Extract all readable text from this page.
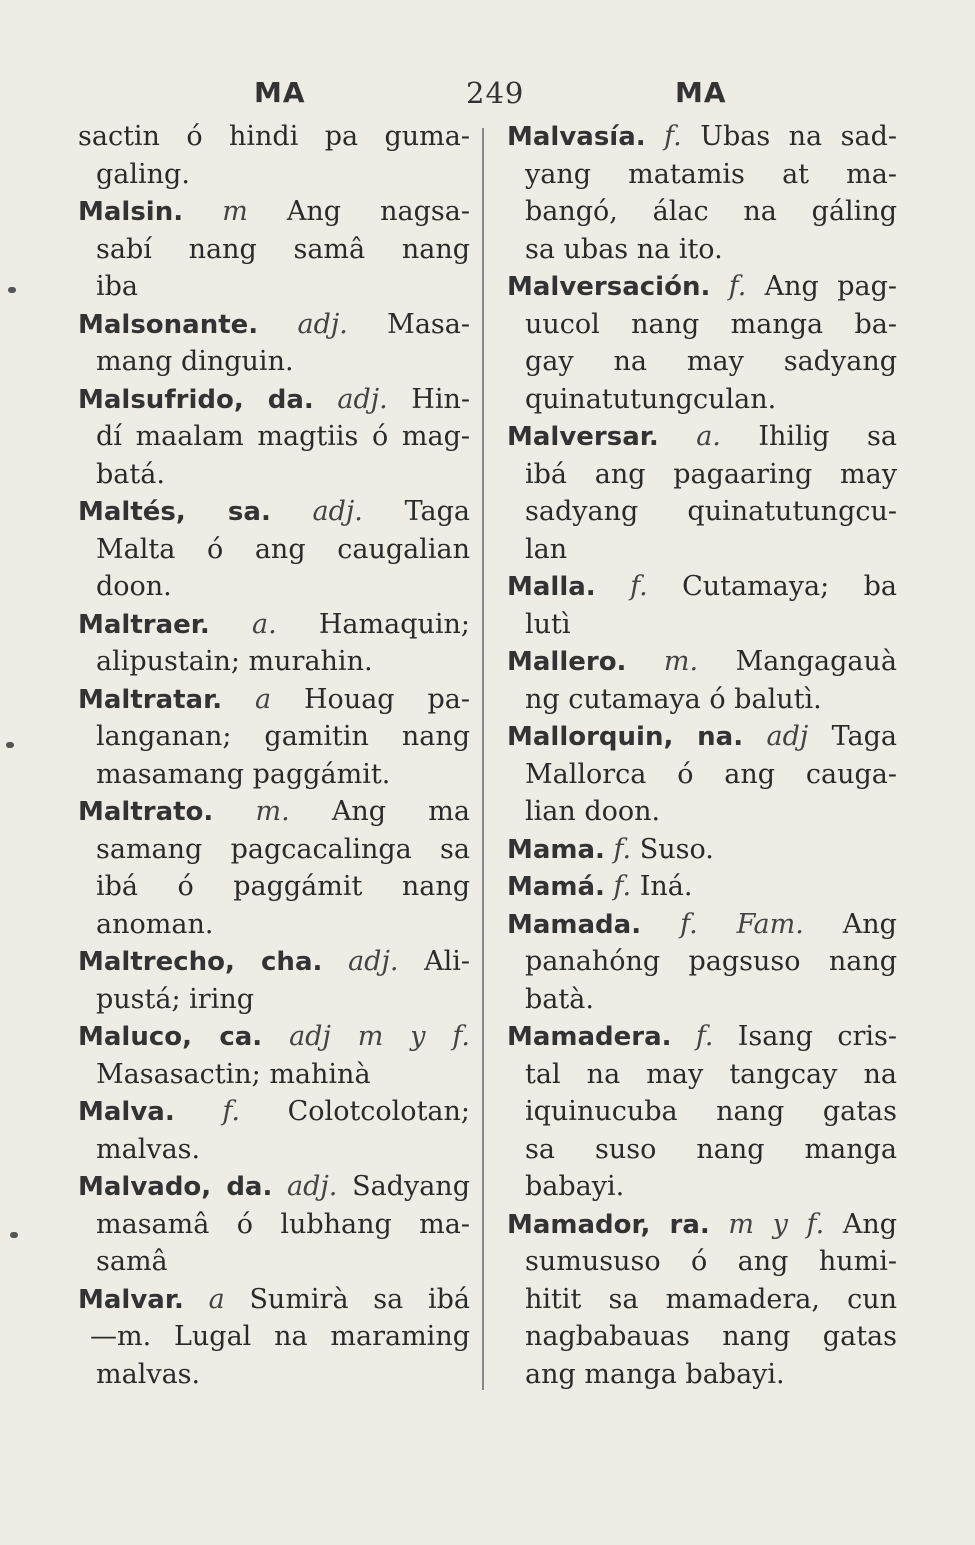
MA	249	MA
sactin ó hindi pa guma-
galing.
Malsin. m Ang nagsa-
sabí nang samâ nang
iba
Malsonante. adj. Masa-
mang dinguin.
Malsufrido, da. adj. Hin-
dí maalam magtiis ó mag-
batá.
Maltés, sa. adj. Taga
Malta ó ang caugalian
doon.
Maltraer. a. Hamaquin;
alipustain; murahin.
Maltratar. a Houag pa-
langanan; gamitin nang
masamang paggámit.
Maltrato. m. Ang ma
samang pagcacalinga sa
ibá ó paggámit nang
anoman.
Maltrecho, cha. adj. Ali-
pustá; iring
Maluco, ca. adj m y f.
Masasactin; mahinà
Malva. f. Colotcolotan;
malvas.
Malvado, da. adj. Sadyang
masamâ ó lubhang ma-
samâ
Malvar. a Sumirà sa ibá
—m. Lugal na maraming
malvas.
Malvasía. f. Ubas na sad-
yang matamis at ma-
bangó, álac na gáling
sa ubas na ito.
Malversación. f. Ang pag-
uucol nang manga ba-
gay na may sadyang
quinatutungculan.
Malversar. a. Ihilig sa
ibá ang pagaaring may
sadyang quinatutungcu-
lan
Malla. f. Cutamaya; ba
lutì
Mallero. m. Mangagauà
ng cutamaya ó balutì.
Mallorquin, na. adj Taga
Mallorca ó ang cauga-
lian doon.
Mama. f. Suso.
Mamá. f. Iná.
Mamada. f. Fam. Ang
panahóng pagsuso nang
batà.
Mamadera. f. Isang cris-
tal na may tangcay na
iquinucuba nang gatas
sa suso nang manga
babayi.
Mamador, ra. m y f. Ang
sumususo ó ang humi-
hitit sa mamadera, cun
nagbabauas nang gatas
ang manga babayi.
